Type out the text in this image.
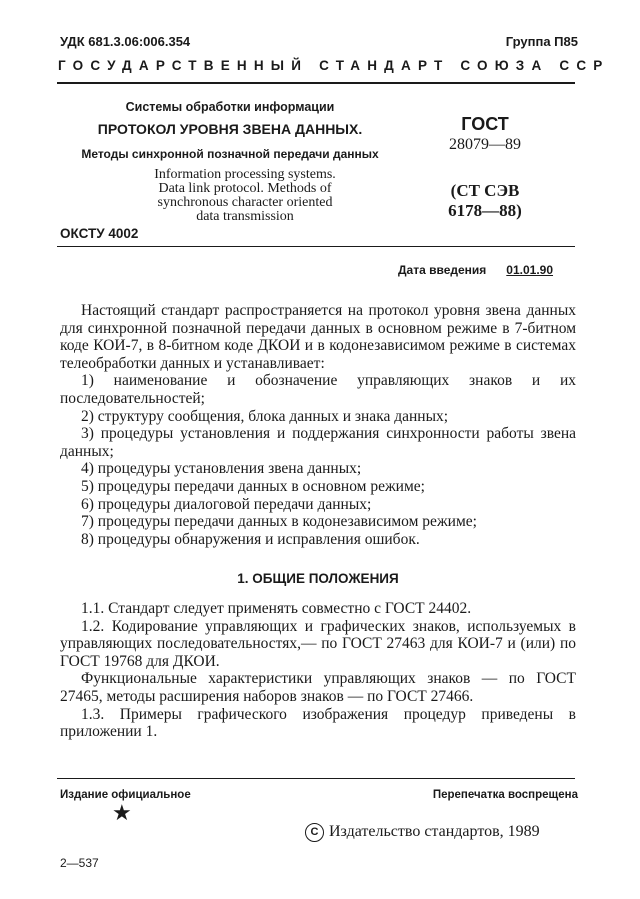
УДК 681.3.06:006.354	Группа П85
ГОСУДАРСТВЕННЫЙ СТАНДАРТ СОЮЗА ССР
Системы обработки информации
ПРОТОКОЛ УРОВНЯ ЗВЕНА ДАННЫХ.
Методы синхронной позначной передачи данных
ГОСТ
28079—89
Information processing systems.
Data link protocol. Methods of
synchronous character oriented
data transmission
(СТ СЭВ
6178—88)
ОКСТУ 4002
Дата введения 01.01.90

Настоящий стандарт распространяется на протокол уровня звена данных для синхронной позначной передачи данных в основном режиме в 7-битном коде КОИ-7, в 8-битном коде ДКОИ и в кодонезависимом режиме в системах телеобработки данных и устанавливает:

1) наименование и обозначение управляющих знаков и их последовательностей;

2) структуру сообщения, блока данных и знака данных;

3) процедуры установления и поддержания синхронности работы звена данных;

4) процедуры установления звена данных;

5) процедуры передачи данных в основном режиме;

6) процедуры диалоговой передачи данных;

7) процедуры передачи данных в кодонезависимом режиме;

8) процедуры обнаружения и исправления ошибок.

1. ОБЩИЕ ПОЛОЖЕНИЯ

1.1. Стандарт следует применять совместно с ГОСТ 24402.

1.2. Кодирование управляющих и графических знаков, используемых в управляющих последовательностях,— по ГОСТ 27463 для КОИ-7 и (или) по ГОСТ 19768 для ДКОИ.

Функциональные характеристики управляющих знаков — по ГОСТ 27465, методы расширения наборов знаков — по ГОСТ 27466.

1.3. Примеры графического изображения процедур приведены в приложении 1.

Издание официальное	Перепечатка воспрещена
★
С Издательство стандартов, 1989
2—537
